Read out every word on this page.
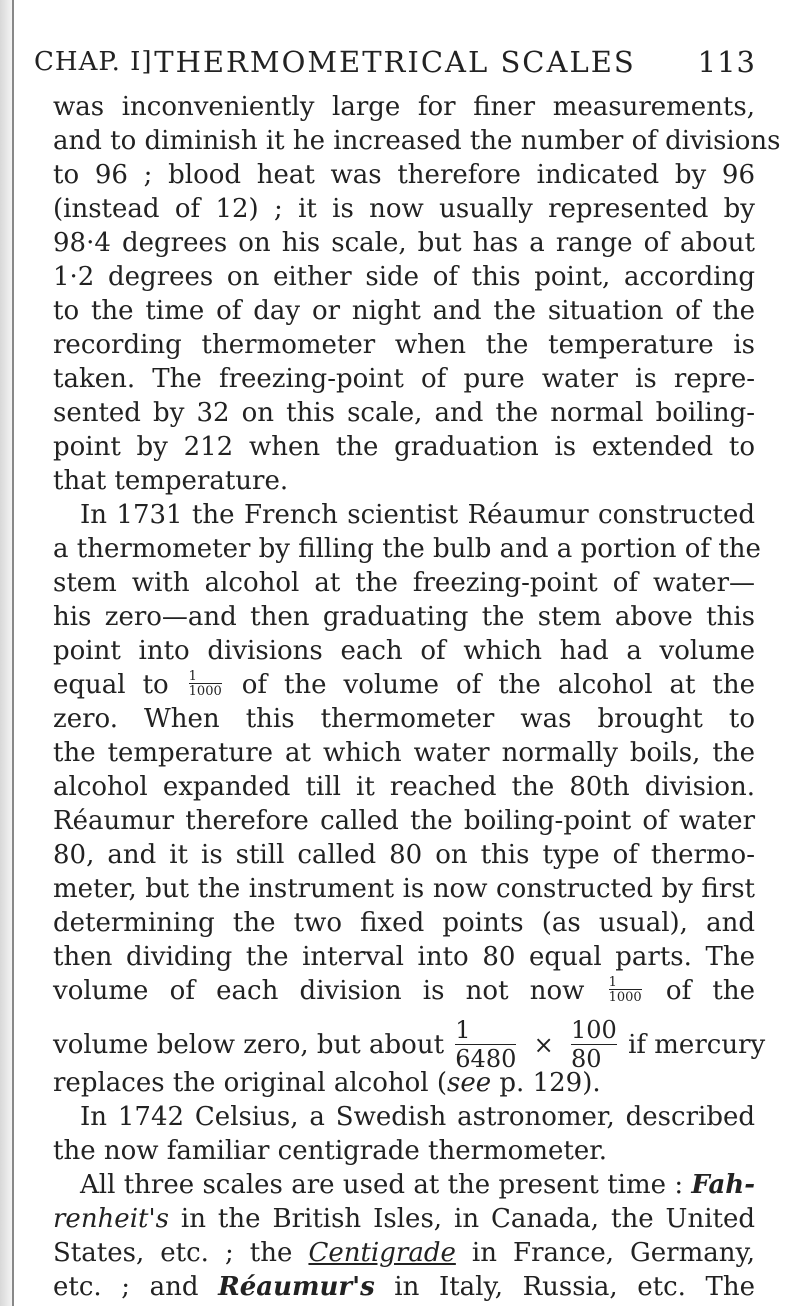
CHAP. I] THERMOMETRICAL SCALES	113
was inconveniently large for finer measurements,
and to diminish it he increased the number of divisions
to 96 ; blood heat was therefore indicated by 96
(instead of 12) ; it is now usually represented by
98·4 degrees on his scale, but has a range of about
1·2 degrees on either side of this point, according
to the time of day or night and the situation of the
recording thermometer when the temperature is
taken. The freezing-point of pure water is repre-
sented by 32 on this scale, and the normal boiling-
point by 212 when the graduation is extended to
that temperature.
In 1731 the French scientist Réaumur constructed
a thermometer by filling the bulb and a portion of the
stem with alcohol at the freezing-point of water—
his zero—and then graduating the stem above this
point into divisions each of which had a volume
equal to $\frac{1}{1000}$ of the volume of the alcohol at the
zero. When this thermometer was brought to
the temperature at which water normally boils, the
alcohol expanded till it reached the 80th division.
Réaumur therefore called the boiling-point of water
80, and it is still called 80 on this type of thermo-
meter, but the instrument is now constructed by first
determining the two fixed points (as usual), and
then dividing the interval into 80 equal parts. The
volume of each division is not now $\frac{1}{1000}$ of the
volume below zero, but about $\frac{1}{6480} \times \frac{100}{80}$ if mercury
replaces the original alcohol (see p. 129).
In 1742 Celsius, a Swedish astronomer, described
the now familiar centigrade thermometer.
All three scales are used at the present time : Fah-
renheit's in the British Isles, in Canada, the United
States, etc. ; the Centigrade in France, Germany,
etc. ; and Réaumur's in Italy, Russia, etc. The
